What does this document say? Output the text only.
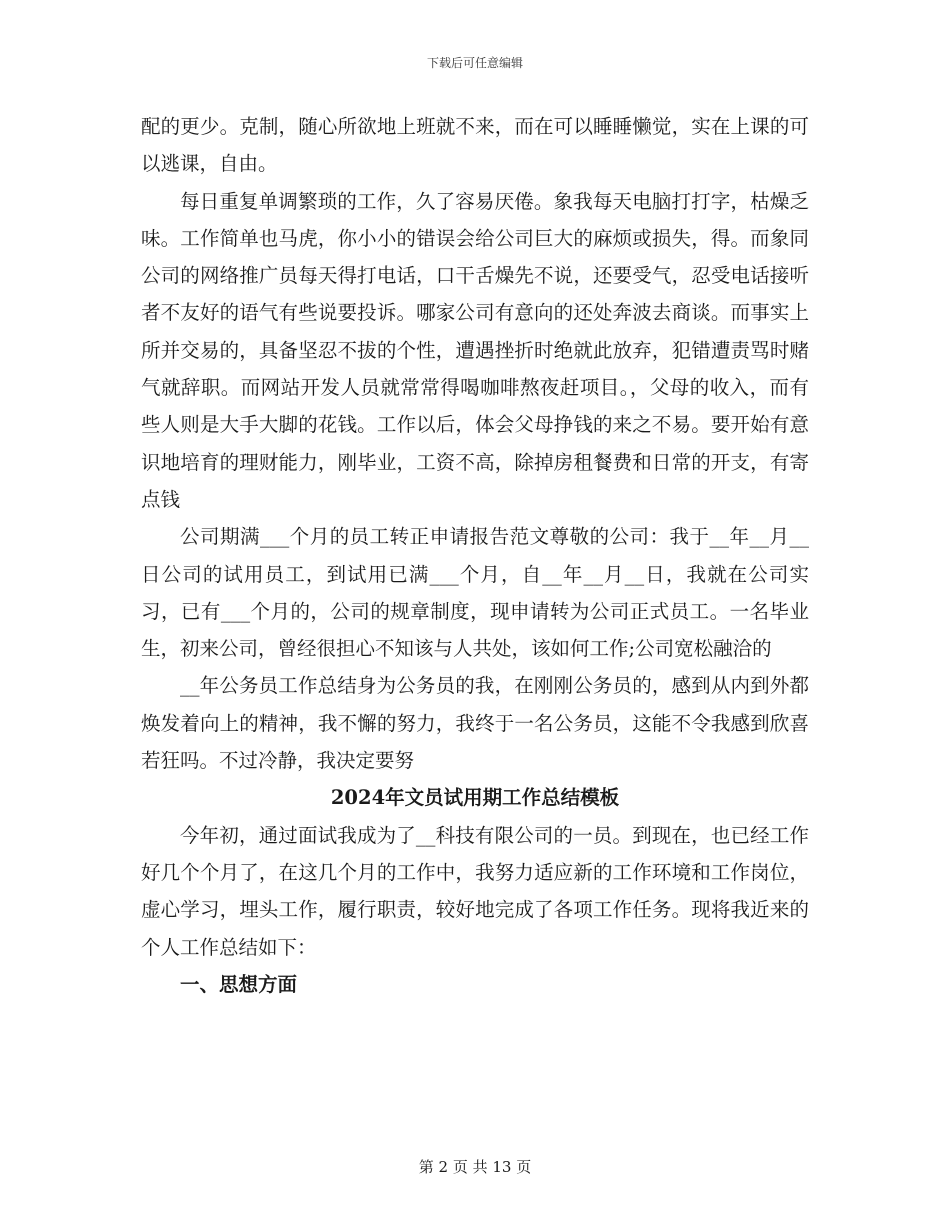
下载后可任意编辑

配的更少。克制，随心所欲地上班就不来，而在可以睡睡懒觉，实在上课的可以逃课，自由。

每日重复单调繁琐的工作，久了容易厌倦。象我每天电脑打打字，枯燥乏味。工作简单也马虎，你小小的错误会给公司巨大的麻烦或损失，得。而象同公司的网络推广员每天得打电话，口干舌燥先不说，还要受气，忍受电话接听者不友好的语气有些说要投诉。哪家公司有意向的还处奔波去商谈。而事实上所并交易的，具备坚忍不拔的个性，遭遇挫折时绝就此放弃，犯错遭责骂时赌气就辞职。而网站开发人员就常常得喝咖啡熬夜赶项目。，父母的收入，而有些人则是大手大脚的花钱。工作以后，体会父母挣钱的来之不易。要开始有意识地培育的理财能力，刚毕业，工资不高，除掉房租餐费和日常的开支，有寄点钱

公司期满___个月的员工转正申请报告范文尊敬的公司：我于__年__月__日公司的试用员工，到试用已满___个月，自__年__月__日，我就在公司实习，已有___个月的，公司的规章制度，现申请转为公司正式员工。一名毕业生，初来公司，曾经很担心不知该与人共处，该如何工作;公司宽松融洽的

__年公务员工作总结身为公务员的我，在刚刚公务员的，感到从内到外都焕发着向上的精神，我不懈的努力，我终于一名公务员，这能不令我感到欣喜若狂吗。不过冷静，我决定要努

2024年文员试用期工作总结模板

今年初，通过面试我成为了__科技有限公司的一员。到现在，也已经工作好几个个月了，在这几个月的工作中，我努力适应新的工作环境和工作岗位，虚心学习，埋头工作，履行职责，较好地完成了各项工作任务。现将我近来的个人工作总结如下：

一、思想方面
第 2 页 共 13 页
